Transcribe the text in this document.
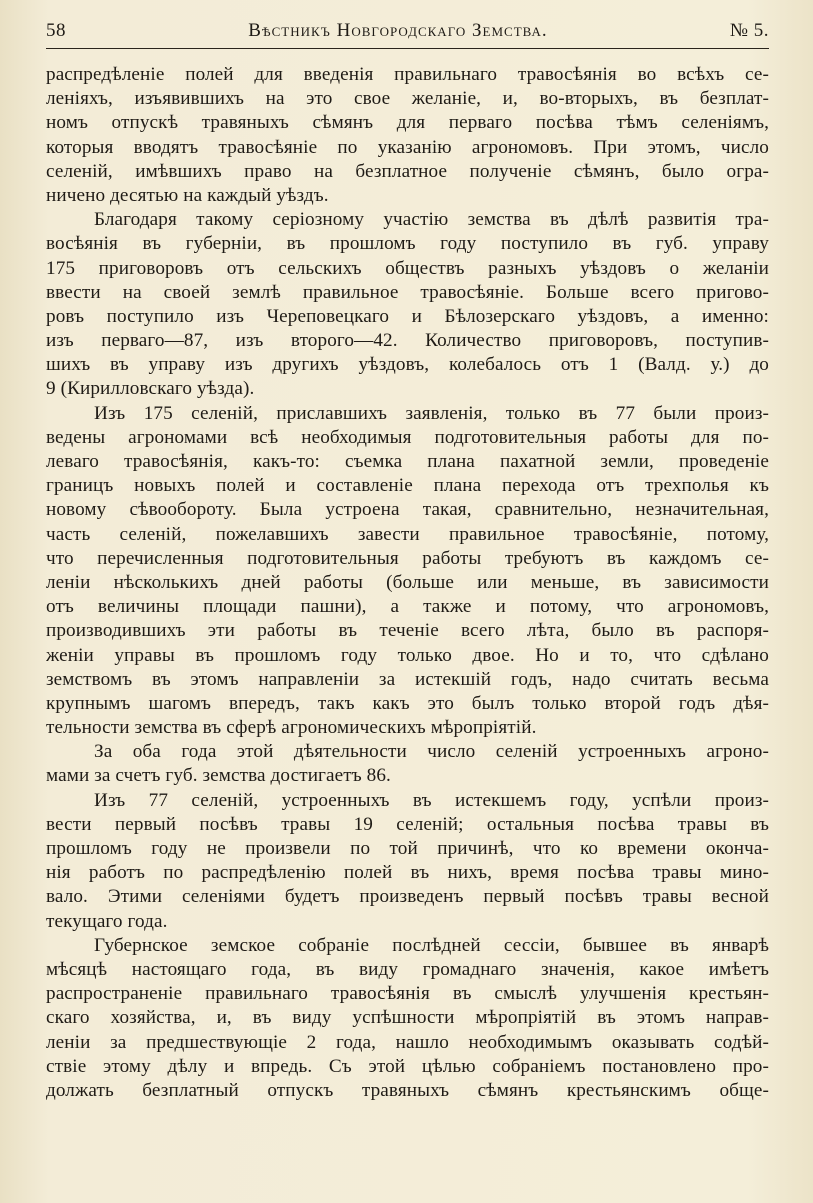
58	Вѣстникъ Новгородскаго Земства.	№ 5.
распредѣленіе полей для введенія правильнаго травосѣянія во всѣхъ се-
леніяхъ, изъявившихъ на это свое желаніе, и, во-вторыхъ, въ безплат-
номъ отпускѣ травяныхъ сѣмянъ для перваго посѣва тѣмъ селеніямъ,
которыя вводятъ травосѣяніе по указанію агрономовъ. При этомъ, число
селеній, имѣвшихъ право на безплатное полученіе сѣмянъ, было огра-
ничено десятью на каждый уѣздъ.
Благодаря такому серіозному участію земства въ дѣлѣ развитія тра-
восѣянія въ губерніи, въ прошломъ году поступило въ губ. управу
175 приговоровъ отъ сельскихъ обществъ разныхъ уѣздовъ о желаніи
ввести на своей землѣ правильное травосѣяніе. Больше всего пригово-
ровъ поступило изъ Череповецкаго и Бѣлозерскаго уѣздовъ, а именно:
изъ перваго—87, изъ второго—42. Количество приговоровъ, поступив-
шихъ въ управу изъ другихъ уѣздовъ, колебалось отъ 1 (Валд. у.) до
9 (Кирилловскаго уѣзда).
Изъ 175 селеній, приславшихъ заявленія, только въ 77 были произ-
ведены агрономами всѣ необходимыя подготовительныя работы для по-
леваго травосѣянія, какъ-то: съемка плана пахатной земли, проведеніе
границъ новыхъ полей и составленіе плана перехода отъ трехполья къ
новому сѣвообороту. Была устроена такая, сравнительно, незначительная,
часть селеній, пожелавшихъ завести правильное травосѣяніе, потому,
что перечисленныя подготовительныя работы требуютъ въ каждомъ се-
леніи нѣсколькихъ дней работы (больше или меньше, въ зависимости
отъ величины площади пашни), а также и потому, что агрономовъ,
производившихъ эти работы въ теченіе всего лѣта, было въ распоря-
женіи управы въ прошломъ году только двое. Но и то, что сдѣлано
земствомъ въ этомъ направленіи за истекшій годъ, надо считать весьма
крупнымъ шагомъ впередъ, такъ какъ это былъ только второй годъ дѣя-
тельности земства въ сферѣ агрономическихъ мѣропріятій.
За оба года этой дѣятельности число селеній устроенныхъ агроно-
мами за счетъ губ. земства достигаетъ 86.
Изъ 77 селеній, устроенныхъ въ истекшемъ году, успѣли произ-
вести первый посѣвъ травы 19 селеній; остальныя посѣва травы въ
прошломъ году не произвели по той причинѣ, что ко времени оконча-
нія работъ по распредѣленію полей въ нихъ, время посѣва травы мино-
вало. Этими селеніями будетъ произведенъ первый посѣвъ травы весной
текущаго года.
Губернское земское собраніе послѣдней сессіи, бывшее въ январѣ
мѣсяцѣ настоящаго года, въ виду громаднаго значенія, какое имѣетъ
распространеніе правильнаго травосѣянія въ смыслѣ улучшенія крестьян-
скаго хозяйства, и, въ виду успѣшности мѣропріятій въ этомъ направ-
леніи за предшествующіе 2 года, нашло необходимымъ оказывать содѣй-
ствіе этому дѣлу и впредь. Съ этой цѣлью собраніемъ постановлено про-
должать безплатный отпускъ травяныхъ сѣмянъ крестьянскимъ обще-
